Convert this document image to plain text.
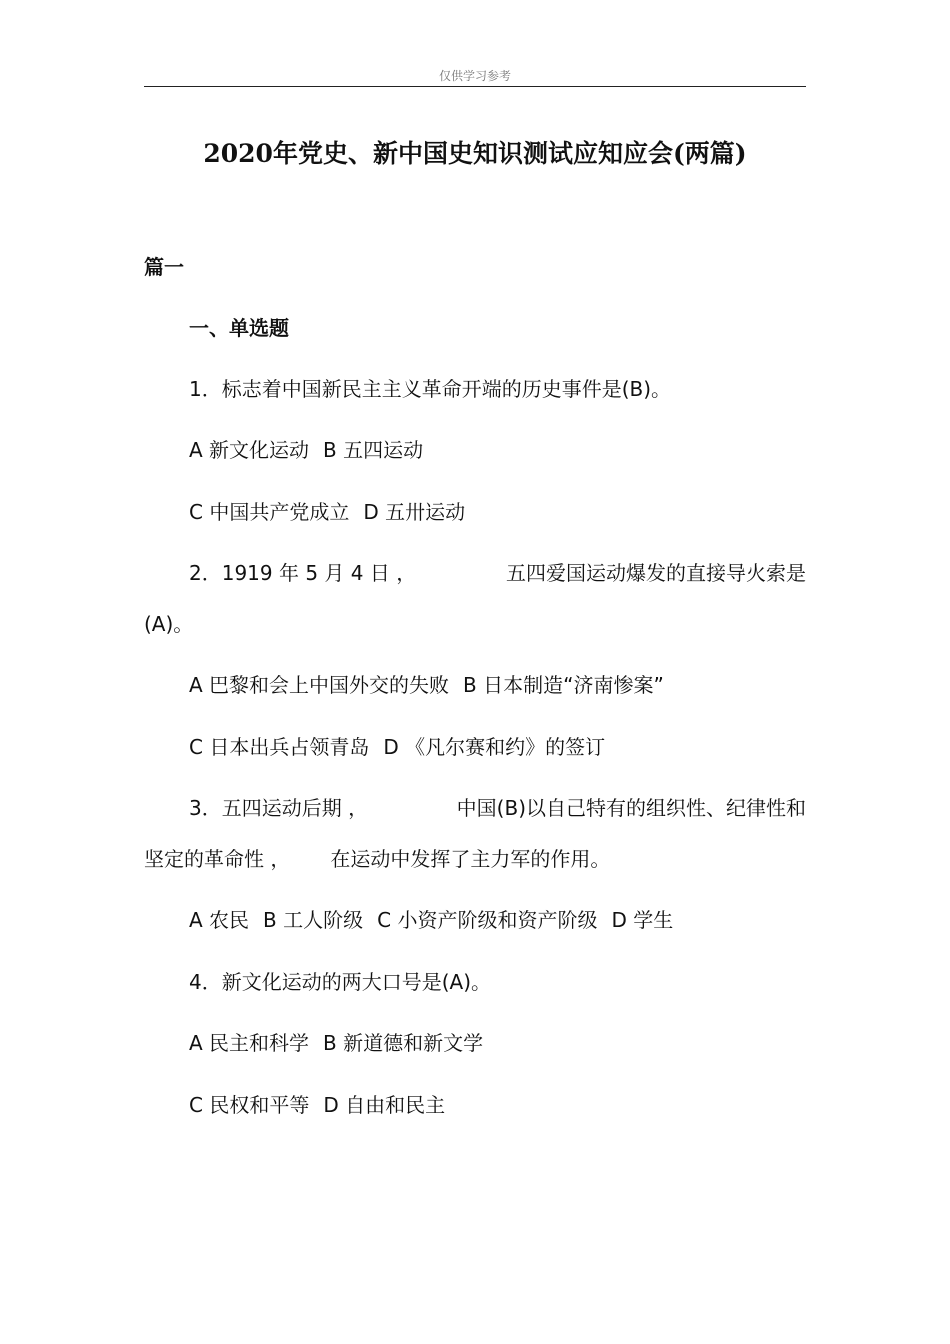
仅供学习参考
2020年党史、新中国史知识测试应知应会(两篇)
篇一
一、单选题
1．标志着中国新民主主义革命开端的历史事件是(B)。
A 新文化运动 B 五四运动
C 中国共产党成立 D 五卅运动
2．1919 年 5 月 4 日 ，	五四爱国运动爆发的直接导火索是
(A)。
A 巴黎和会上中国外交的失败 B 日本制造“济南惨案”
C 日本出兵占领青岛 D 《凡尔赛和约》的签订
3．五四运动后期 ，	中国(B)以自己特有的组织性、纪律性和
坚定的革命性 ， 在运动中发挥了主力军的作用。
A 农民 B 工人阶级 C 小资产阶级和资产阶级 D 学生
4．新文化运动的两大口号是(A)。
A 民主和科学 B 新道德和新文学
C 民权和平等 D 自由和民主
